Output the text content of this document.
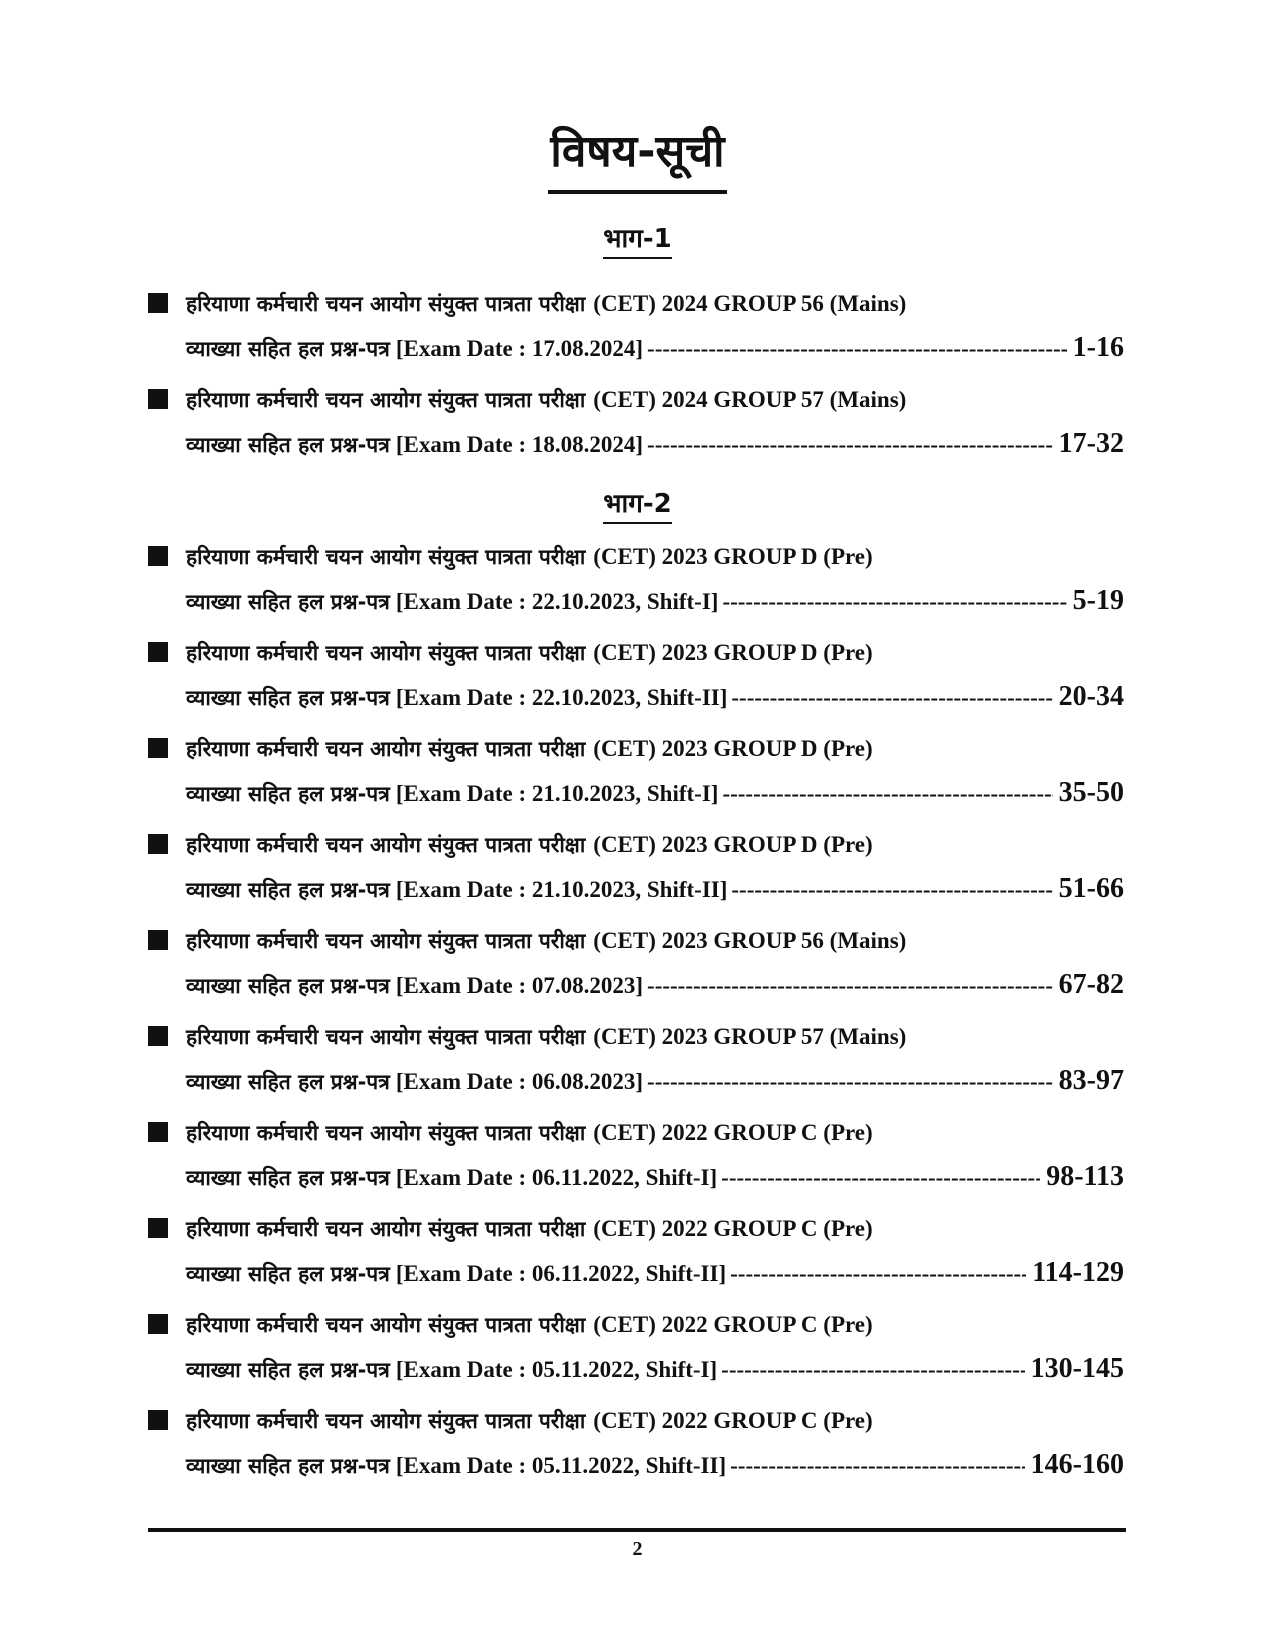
विषय-सूची
भाग-1
हरियाणा कर्मचारी चयन आयोग संयुक्त पात्रता परीक्षा (CET) 2024 GROUP 56 (Mains)
व्याख्या सहित हल प्रश्न-पत्र [Exam Date : 17.08.2024] -----	1-16
हरियाणा कर्मचारी चयन आयोग संयुक्त पात्रता परीक्षा (CET) 2024 GROUP 57 (Mains)
व्याख्या सहित हल प्रश्न-पत्र [Exam Date : 18.08.2024] -----	17-32
भाग-2
हरियाणा कर्मचारी चयन आयोग संयुक्त पात्रता परीक्षा (CET) 2023 GROUP D (Pre)
व्याख्या सहित हल प्रश्न-पत्र [Exam Date : 22.10.2023, Shift-I] -----	5-19
हरियाणा कर्मचारी चयन आयोग संयुक्त पात्रता परीक्षा (CET) 2023 GROUP D (Pre)
व्याख्या सहित हल प्रश्न-पत्र [Exam Date : 22.10.2023, Shift-II] -----	20-34
हरियाणा कर्मचारी चयन आयोग संयुक्त पात्रता परीक्षा (CET) 2023 GROUP D (Pre)
व्याख्या सहित हल प्रश्न-पत्र [Exam Date : 21.10.2023, Shift-I] -----	35-50
हरियाणा कर्मचारी चयन आयोग संयुक्त पात्रता परीक्षा (CET) 2023 GROUP D (Pre)
व्याख्या सहित हल प्रश्न-पत्र [Exam Date : 21.10.2023, Shift-II] -----	51-66
हरियाणा कर्मचारी चयन आयोग संयुक्त पात्रता परीक्षा (CET) 2023 GROUP 56 (Mains)
व्याख्या सहित हल प्रश्न-पत्र [Exam Date : 07.08.2023] -----	67-82
हरियाणा कर्मचारी चयन आयोग संयुक्त पात्रता परीक्षा (CET) 2023 GROUP 57 (Mains)
व्याख्या सहित हल प्रश्न-पत्र [Exam Date : 06.08.2023] -----	83-97
हरियाणा कर्मचारी चयन आयोग संयुक्त पात्रता परीक्षा (CET) 2022 GROUP C (Pre)
व्याख्या सहित हल प्रश्न-पत्र [Exam Date : 06.11.2022, Shift-I] -----	98-113
हरियाणा कर्मचारी चयन आयोग संयुक्त पात्रता परीक्षा (CET) 2022 GROUP C (Pre)
व्याख्या सहित हल प्रश्न-पत्र [Exam Date : 06.11.2022, Shift-II] -----	114-129
हरियाणा कर्मचारी चयन आयोग संयुक्त पात्रता परीक्षा (CET) 2022 GROUP C (Pre)
व्याख्या सहित हल प्रश्न-पत्र [Exam Date : 05.11.2022, Shift-I] -----	130-145
हरियाणा कर्मचारी चयन आयोग संयुक्त पात्रता परीक्षा (CET) 2022 GROUP C (Pre)
व्याख्या सहित हल प्रश्न-पत्र [Exam Date : 05.11.2022, Shift-II] -----	146-160
2
